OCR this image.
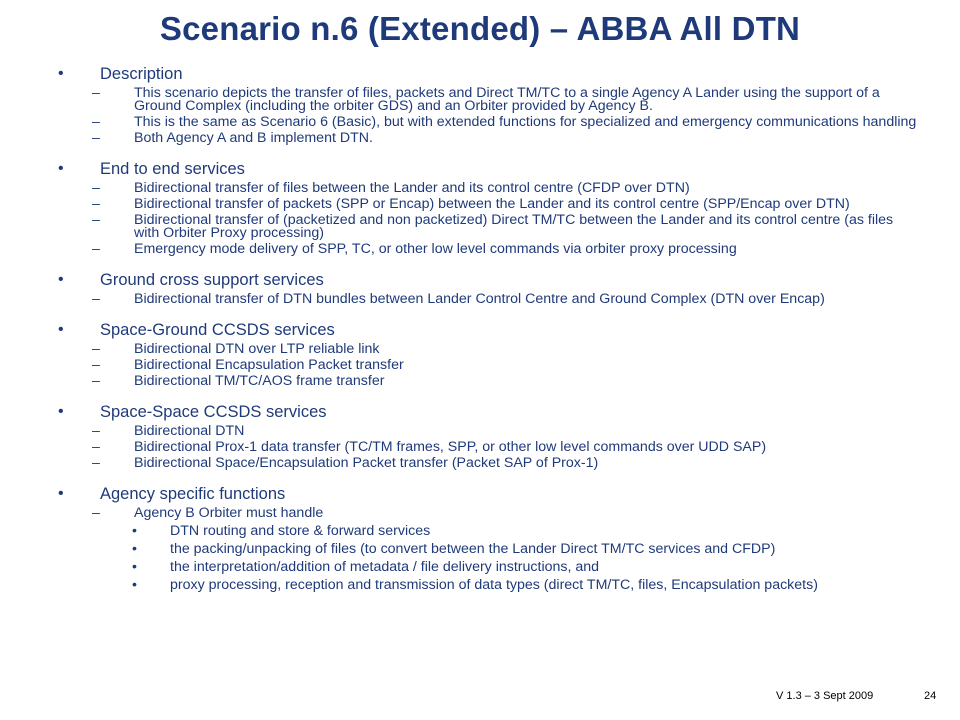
Scenario n.6 (Extended) – ABBA All DTN
• Description
– This scenario depicts the transfer of files, packets and Direct TM/TC to a single Agency A Lander using the support of a Ground Complex (including the orbiter GDS) and an Orbiter provided by Agency B.
– This is the same as Scenario 6 (Basic), but with extended functions for specialized and emergency communications handling
– Both Agency A and B implement DTN.
• End to end services
– Bidirectional transfer of files between the Lander and its control centre (CFDP over DTN)
– Bidirectional transfer of packets (SPP or Encap) between the Lander and its control centre (SPP/Encap over DTN)
– Bidirectional transfer of (packetized and non packetized) Direct TM/TC between the Lander and its control centre (as files with Orbiter Proxy processing)
– Emergency mode delivery of SPP, TC, or other low level commands via orbiter proxy processing
• Ground cross support services
– Bidirectional transfer of DTN bundles between Lander Control Centre and Ground Complex (DTN over Encap)
• Space-Ground CCSDS services
– Bidirectional DTN over LTP reliable link
– Bidirectional Encapsulation Packet transfer
– Bidirectional TM/TC/AOS frame transfer
• Space-Space CCSDS services
– Bidirectional DTN
– Bidirectional Prox-1 data transfer (TC/TM frames, SPP, or other low level commands over UDD SAP)
– Bidirectional Space/Encapsulation Packet transfer (Packet SAP of Prox-1)
• Agency specific functions
– Agency B Orbiter must handle
• DTN routing and store & forward services
• the packing/unpacking of files (to convert between the Lander Direct TM/TC services and CFDP)
• the interpretation/addition of metadata / file delivery instructions, and
• proxy processing, reception and transmission of data types (direct TM/TC, files, Encapsulation packets)
V 1.3 – 3 Sept 2009	24
